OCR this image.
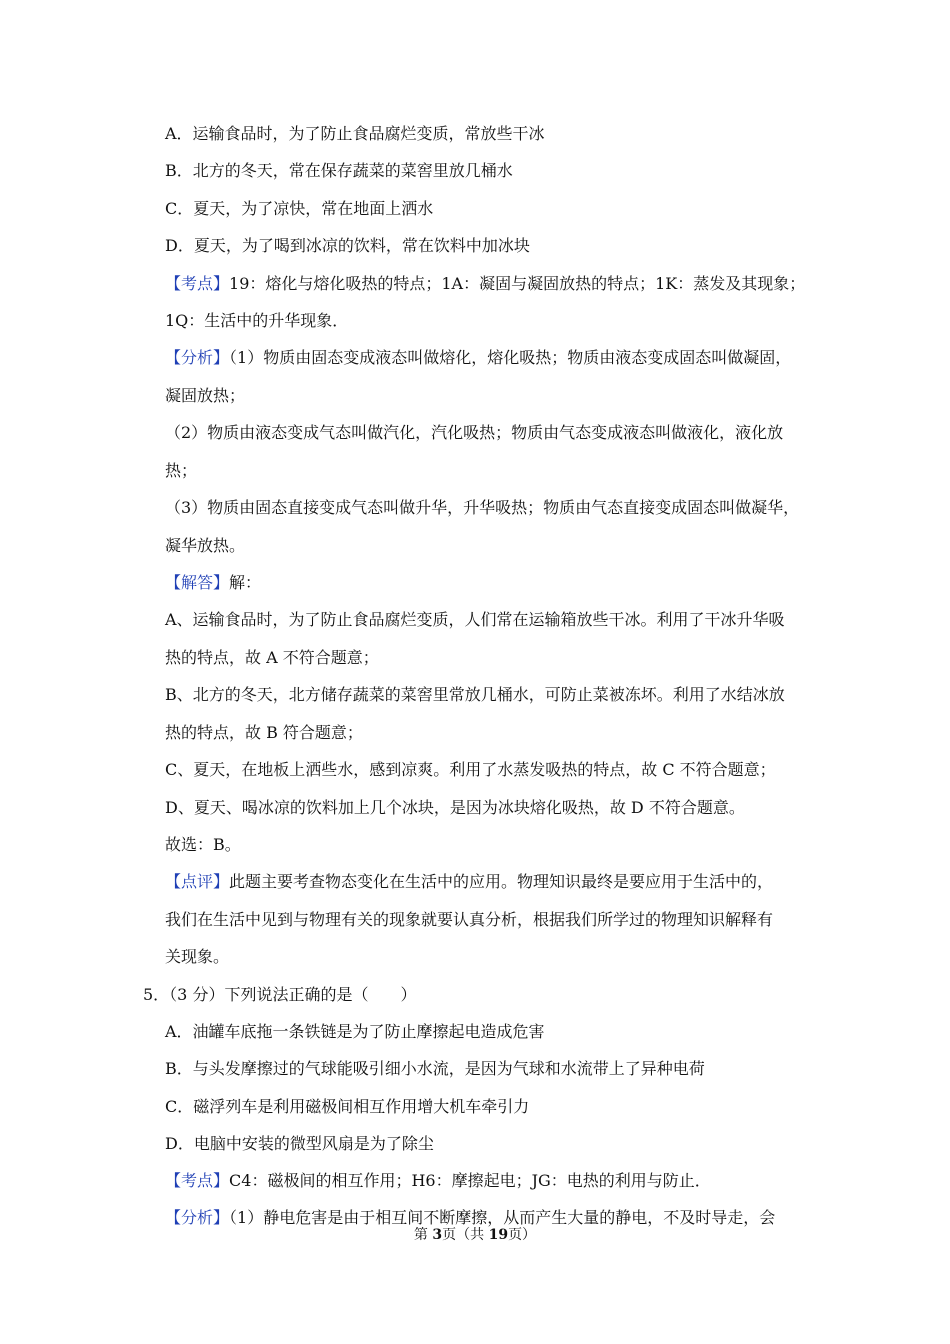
A．运输食品时，为了防止食品腐烂变质，常放些干冰
B．北方的冬天，常在保存蔬菜的菜窖里放几桶水
C．夏天，为了凉快，常在地面上洒水
D．夏天，为了喝到冰凉的饮料，常在饮料中加冰块
【考点】19：熔化与熔化吸热的特点；1A：凝固与凝固放热的特点；1K：蒸发及其现象；
1Q：生活中的升华现象．
【分析】（1）物质由固态变成液态叫做熔化，熔化吸热；物质由液态变成固态叫做凝固，
凝固放热；
（2）物质由液态变成气态叫做汽化，汽化吸热；物质由气态变成液态叫做液化，液化放
热；
（3）物质由固态直接变成气态叫做升华，升华吸热；物质由气态直接变成固态叫做凝华，
凝华放热。
【解答】解：
A、运输食品时，为了防止食品腐烂变质，人们常在运输箱放些干冰。利用了干冰升华吸
热的特点，故 A 不符合题意；
B、北方的冬天，北方储存蔬菜的菜窖里常放几桶水，可防止菜被冻坏。利用了水结冰放
热的特点，故 B 符合题意；
C、夏天，在地板上洒些水，感到凉爽。利用了水蒸发吸热的特点，故 C 不符合题意；
D、夏天、喝冰凉的饮料加上几个冰块，是因为冰块熔化吸热，故 D 不符合题意。
故选：B。
【点评】此题主要考查物态变化在生活中的应用。物理知识最终是要应用于生活中的，
我们在生活中见到与物理有关的现象就要认真分析，根据我们所学过的物理知识解释有
关现象。
5．（3 分）下列说法正确的是（　　）
A．油罐车底拖一条铁链是为了防止摩擦起电造成危害
B．与头发摩擦过的气球能吸引细小水流，是因为气球和水流带上了异种电荷
C．磁浮列车是利用磁极间相互作用增大机车牵引力
D．电脑中安装的微型风扇是为了除尘
【考点】C4：磁极间的相互作用；H6：摩擦起电；JG：电热的利用与防止．
【分析】（1）静电危害是由于相互间不断摩擦，从而产生大量的静电，不及时导走，会
第 3页（共 19页）
